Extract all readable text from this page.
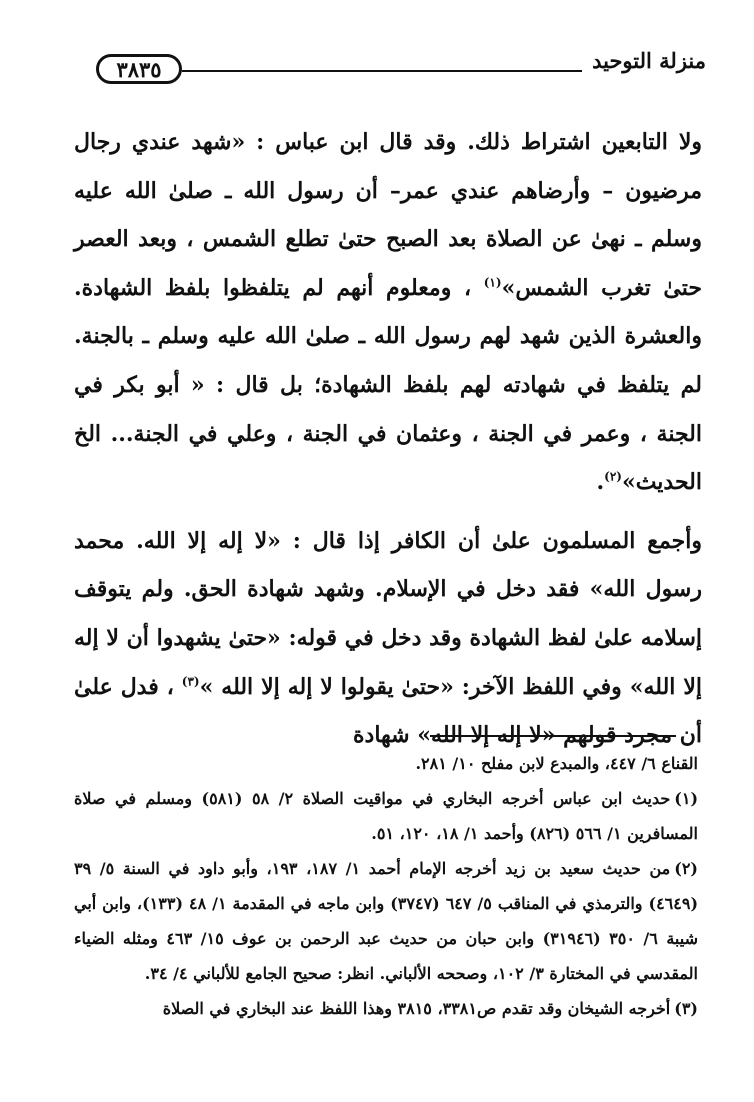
منزلة التوحيد
٣٨٣٥

ولا التابعين اشتراط ذلك. وقد قال ابن عباس : «شهد عندي رجال مرضيون – وأرضاهم عندي عمر– أن رسول الله ـ صلىٰ الله عليه وسلم ـ نهىٰ عن الصلاة بعد الصبح حتىٰ تطلع الشمس ، وبعد العصر حتىٰ تغرب الشمس»$^{(١)}$ ، ومعلوم أنهم لم يتلفظوا بلفظ الشهادة. والعشرة الذين شهد لهم رسول الله ـ صلىٰ الله عليه وسلم ـ بالجنة. لم يتلفظ في شهادته لهم بلفظ الشهادة؛ بل قال : « أبو بكر في الجنة ، وعمر في الجنة ، وعثمان في الجنة ، وعلي في الجنة... الخ الحديث»$^{(٢)}$.

وأجمع المسلمون علىٰ أن الكافر إذا قال : «لا إله إلا الله. محمد رسول الله» فقد دخل في الإسلام. وشهد شهادة الحق. ولم يتوقف إسلامه علىٰ لفظ الشهادة وقد دخل في قوله: «حتىٰ يشهدوا أن لا إله إلا الله» وفي اللفظ الآخر: «حتىٰ يقولوا لا إله إلا الله »$^{(٣)}$ ، فدل علىٰ أن مجرد قولهم «لا إله إلا الله» شهادة

القناع ٦/ ٤٤٧، والمبدع لابن مفلح ١٠/ ٢٨١.

(١)حديث ابن عباس أخرجه البخاري في مواقيت الصلاة ٢/ ٥٨ (٥٨١) ومسلم في صلاة المسافرين ١/ ٥٦٦ (٨٢٦) وأحمد ١/ ١٨، ١٢٠، ٥١.

(٢)من حديث سعيد بن زيد أخرجه الإمام أحمد ١/ ١٨٧، ١٩٣، وأبو داود في السنة ٥/ ٣٩ (٤٦٤٩) والترمذي في المناقب ٥/ ٦٤٧ (٣٧٤٧) وابن ماجه في المقدمة ١/ ٤٨ (١٣٣)، وابن أبي شيبة ٦/ ٣٥٠ (٣١٩٤٦) وابن حبان من حديث عبد الرحمن بن عوف ١٥/ ٤٦٣ ومثله الضياء المقدسي في المختارة ٣/ ١٠٢، وصححه الألباني. انظر: صحيح الجامع للألباني ٤/ ٣٤.

(٣)أخرجه الشيخان وقد تقدم ص٣٣٨١، ٣٨١٥ وهذا اللفظ عند البخاري في الصلاة
